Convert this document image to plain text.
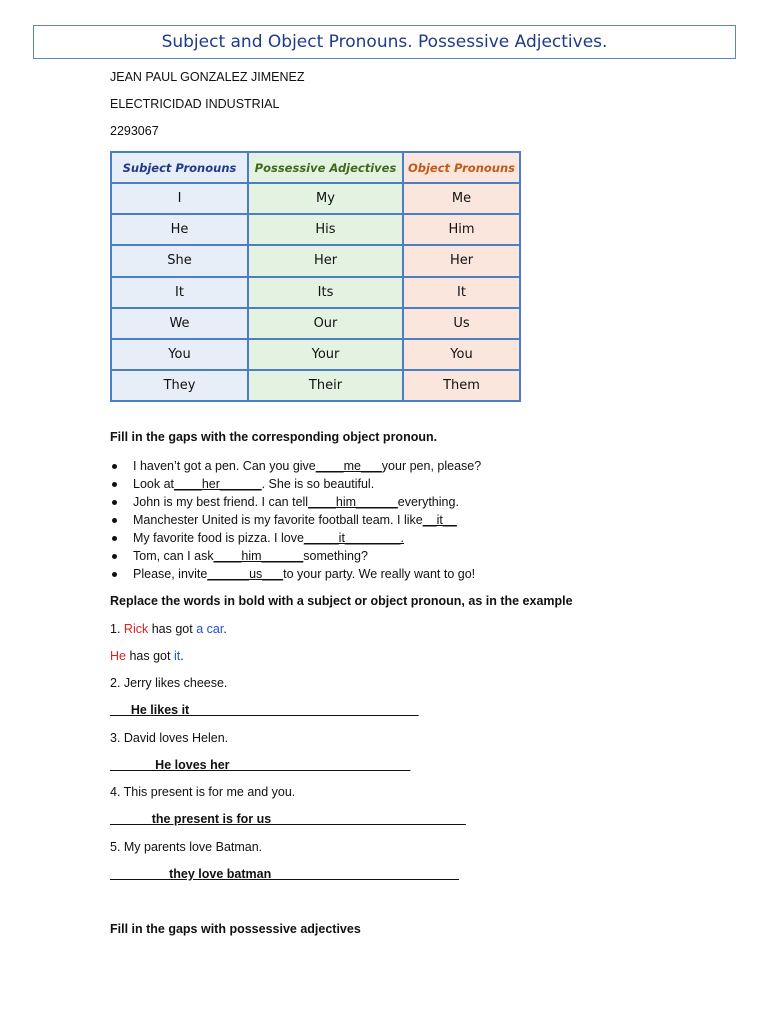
Subject and Object Pronouns. Possessive Adjectives.
JEAN PAUL GONZALEZ JIMENEZ
ELECTRICIDAD INDUSTRIAL
2293067
Subject Pronouns	Possessive Adjectives	Object Pronouns
I	My	Me
He	His	Him
She	Her	Her
It	Its	It
We	Our	Us
You	Your	You
They	Their	Them
Fill in the gaps with the corresponding object pronoun.
I haven’t got a pen. Can you give____me___your pen, please?
Look at____her______. She is so beautiful.
John is my best friend. I can tell____him______everything.
Manchester United is my favorite football team. I like__it__
My favorite food is pizza. I love_____it________.
Tom, can I ask____him______something?
Please, invite______us___to your party. We really want to go!
Replace the words in bold with a subject or object pronoun, as in the example
1. Rick has got a car.
He has got it.
2. Jerry likes cheese.
___He likes it_________________________________
3. David loves Helen.
______ He loves her__________________________
4. This present is for me and you.
______the present is for us____________________________
5. My parents love Batman.
______ __they love batman___________________________
Fill in the gaps with possessive adjectives
